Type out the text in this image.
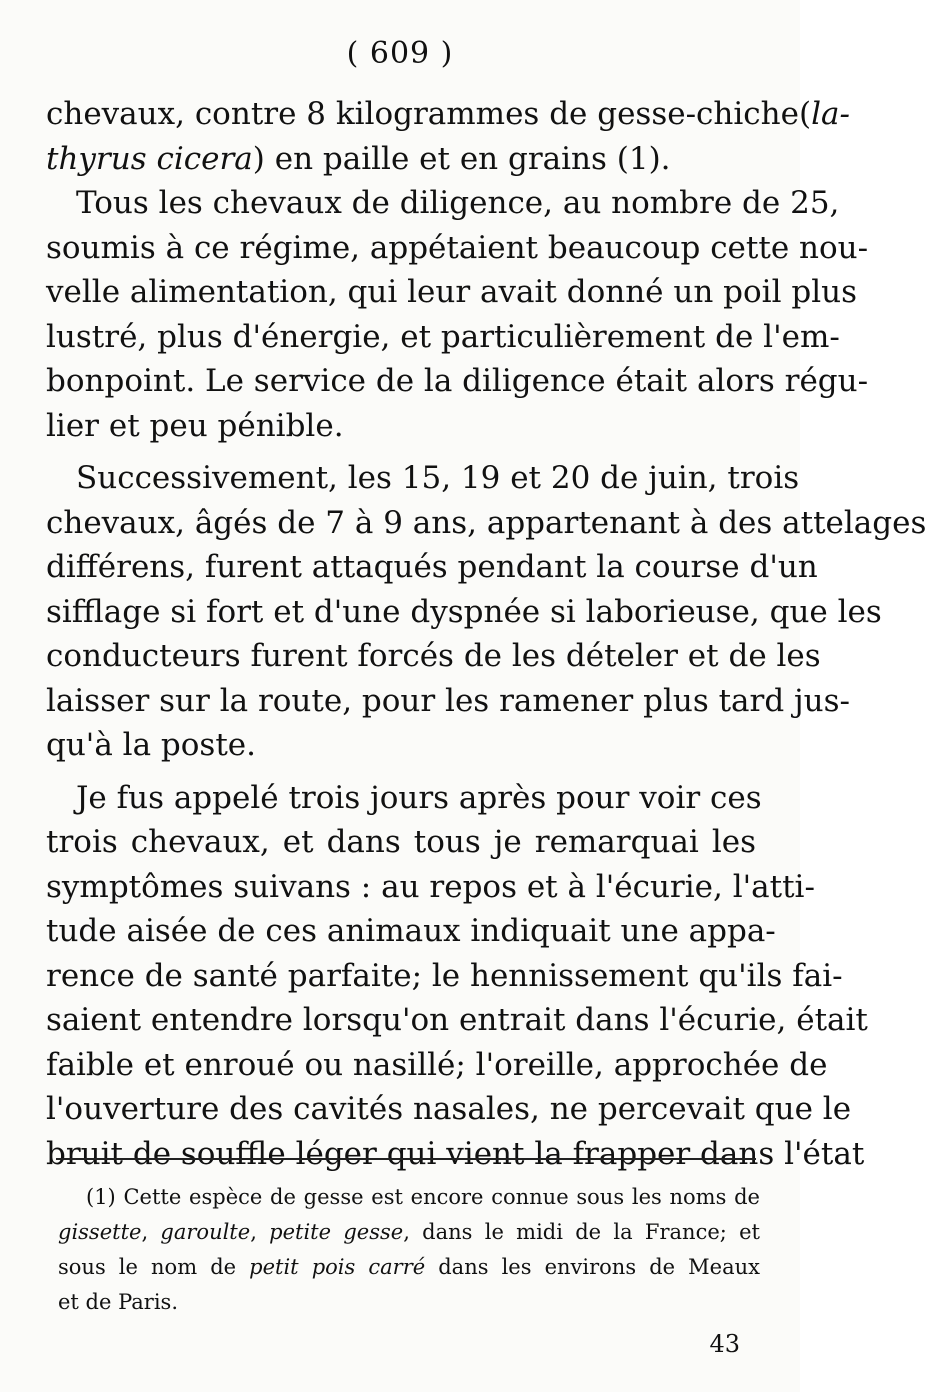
( 609 )
chevaux, contre 8 kilogrammes de gesse-chiche(la-
thyrus cicera) en paille et en grains (1).
Tous les chevaux de diligence, au nombre de 25,
soumis à ce régime, appétaient beaucoup cette nou-
velle alimentation, qui leur avait donné un poil plus
lustré, plus d'énergie, et particulièrement de l'em-
bonpoint. Le service de la diligence était alors régu-
lier et peu pénible.
Successivement, les 15, 19 et 20 de juin, trois
chevaux, âgés de 7 à 9 ans, appartenant à des attelages
différens, furent attaqués pendant la course d'un
sifflage si fort et d'une dyspnée si laborieuse, que les
conducteurs furent forcés de les dételer et de les
laisser sur la route, pour les ramener plus tard jus-
qu'à la poste.
Je fus appelé trois jours après pour voir ces
trois chevaux, et dans tous je remarquai les
symptômes suivans : au repos et à l'écurie, l'atti-
tude aisée de ces animaux indiquait une appa-
rence de santé parfaite; le hennissement qu'ils fai-
saient entendre lorsqu'on entrait dans l'écurie, était
faible et enroué ou nasillé; l'oreille, approchée de
l'ouverture des cavités nasales, ne percevait que le
bruit de souffle léger qui vient la frapper dans l'état
(1) Cette espèce de gesse est encore connue sous les noms de
gissette, garoulte, petite gesse, dans le midi de la France; et
sous le nom de petit pois carré dans les environs de Meaux
et de Paris.
43
